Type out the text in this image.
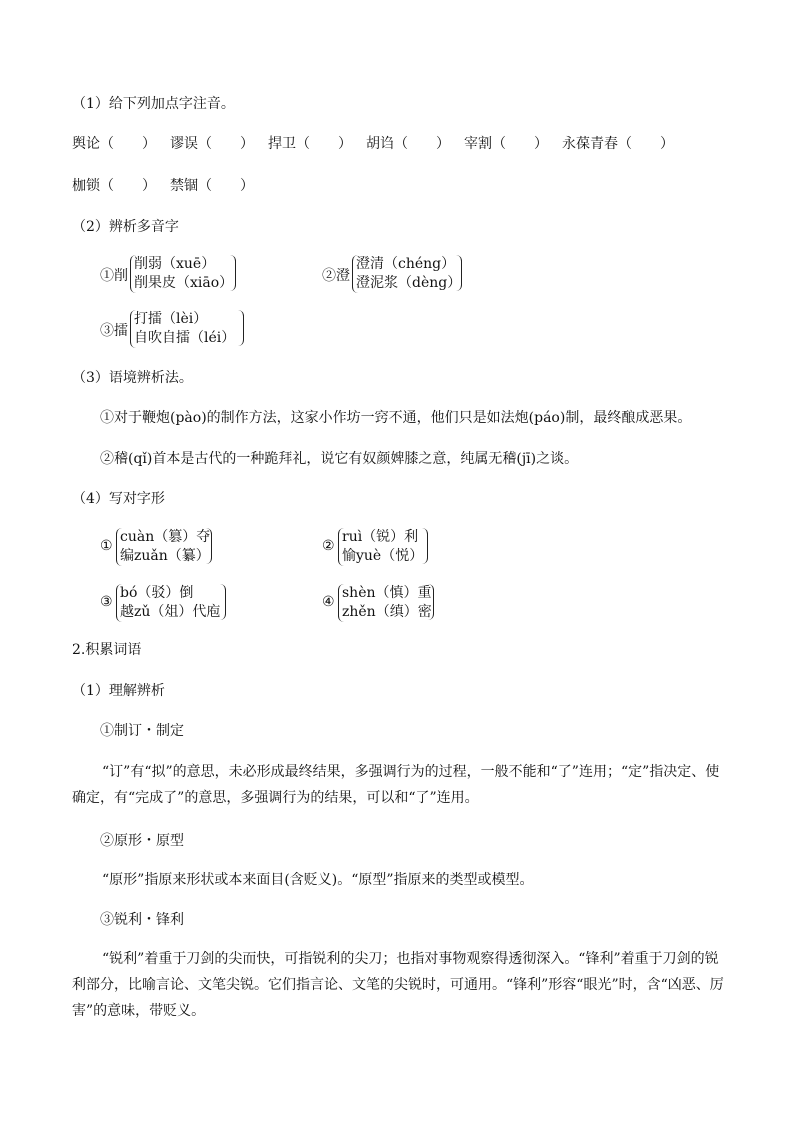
（1）给下列加点字注音。
舆论（　　） 谬误（　　） 捍卫（　　） 胡诌（　　） 宰割（　　） 永葆青春（　　）
枷锁（　　） 禁锢（　　）
（2）辨析多音字
①削
削弱（xuē）
削果皮（xiāo）	②澄
澄清（chéng）
澄泥浆（dèng）
③擂
打擂（lèi）
自吹自擂（léi）
（3）语境辨析法。
①对于鞭炮(pào)的制作方法，这家小作坊一窍不通，他们只是如法炮(páo)制，最终酿成恶果。
②稽(qǐ)首本是古代的一种跪拜礼，说它有奴颜婢膝之意，纯属无稽(jī)之谈。
（4）写对字形
①
cuàn（篡）夺
编zuǎn（纂）
②
ruì（锐）利
愉yuè（悦）
③
bó（驳）倒
越zǔ（俎）代庖
④
shèn（慎）重
zhěn（缜）密
2.积累词语
（1）理解辨析
①制订・制定
“订”有“拟”的意思，未必形成最终结果，多强调行为的过程，一般不能和“了”连用；“定”指决定、使确定，有“完成了”的意思，多强调行为的结果，可以和“了”连用。
②原形・原型
“原形”指原来形状或本来面目(含贬义)。“原型”指原来的类型或模型。
③锐利・锋利
“锐利”着重于刀剑的尖而快，可指锐利的尖刀；也指对事物观察得透彻深入。“锋利”着重于刀剑的锐利部分，比喻言论、文笔尖锐。它们指言论、文笔的尖锐时，可通用。“锋利”形容“眼光”时，含“凶恶、厉害”的意味，带贬义。
